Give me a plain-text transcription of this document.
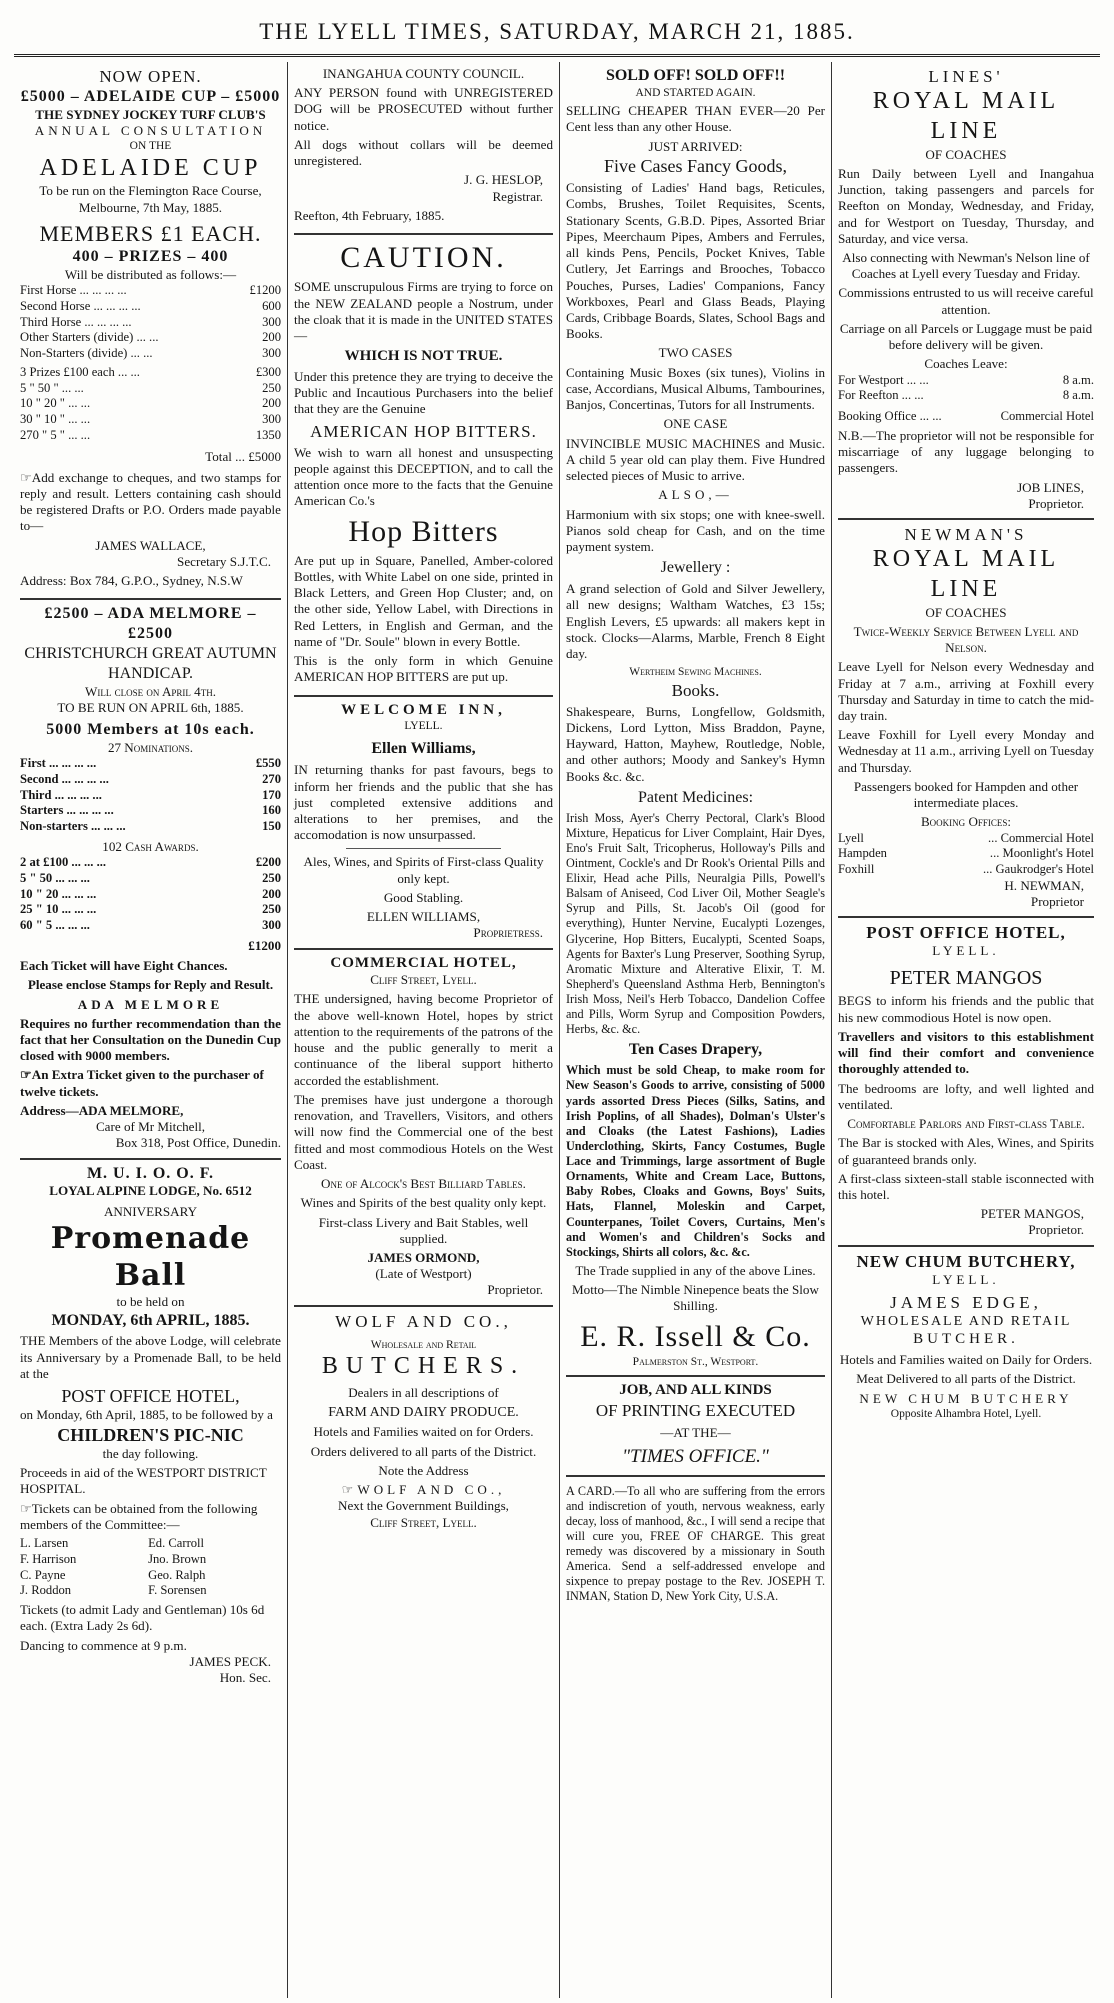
THE LYELL TIMES, SATURDAY, MARCH 21, 1885.
NOW OPEN.
£5000 – ADELAIDE CUP – £5000
THE SYDNEY JOCKEY TURF CLUB'S
ANNUAL CONSULTATION
ON THE
ADELAIDE CUP
To be run on the Flemington Race Course, Melbourne, 7th May, 1885.
MEMBERS £1 EACH.
400 – PRIZES – 400
Will be distributed as follows:—
First Horse ... ... ... ...	£1200
Second Horse ... ... ... ...	600
Third Horse ... ... ... ...	300
Other Starters (divide) ... ...	200
Non-Starters (divide) ... ...	300
3 Prizes £100 each ... ...	£300
5 " 50 " ... ...	250
10 " 20 " ... ...	200
30 " 10 " ... ...	300
270 " 5 " ... ...	1350
Total ... £5000

☞Add exchange to cheques, and two stamps for reply and result. Letters containing cash should be registered Drafts or P.O. Orders made payable to—

JAMES WALLACE,
Secretary S.J.T.C.

Address: Box 784, G.P.O., Sydney, N.S.W

£2500 – ADA MELMORE – £2500
CHRISTCHURCH GREAT AUTUMN HANDICAP.
Will close on April 4th.
TO BE RUN ON APRIL 6th, 1885.
5000 Members at 10s each.
27 Nominations.
First ... ... ... ...	£550
Second ... ... ... ...	270
Third ... ... ... ...	170
Starters ... ... ... ...	160
Non-starters ... ... ...	150
102 Cash Awards.
2 at £100 ... ... ...	£200
5 " 50 ... ... ...	250
10 " 20 ... ... ...	200
25 " 10 ... ... ...	250
60 " 5 ... ... ...	300
£1200

Each Ticket will have Eight Chances.

Please enclose Stamps for Reply and Result.

ADA MELMORE

Requires no further recommendation than the fact that her Consultation on the Dunedin Cup closed with 9000 members.

☞An Extra Ticket given to the purchaser of twelve tickets.

Address—ADA MELMORE,
Care of Mr Mitchell,
Box 318, Post Office, Dunedin.
M. U. I. O. O. F.
LOYAL ALPINE LODGE, No. 6512
ANNIVERSARY
Promenade Ball
to be held on
MONDAY, 6th APRIL, 1885.

THE Members of the above Lodge, will celebrate its Anniversary by a Promenade Ball, to be held at the

POST OFFICE HOTEL,
on Monday, 6th April, 1885, to be followed by a
CHILDREN'S PIC-NIC
the day following.

Proceeds in aid of the WESTPORT DISTRICT HOSPITAL.

☞Tickets can be obtained from the following members of the Committee:—

L. Larsen	Ed. Carroll
F. Harrison	Jno. Brown
C. Payne	Geo. Ralph
J. Roddon	F. Sorensen

Tickets (to admit Lady and Gentleman) 10s 6d each. (Extra Lady 2s 6d).

Dancing to commence at 9 p.m.
JAMES PECK.
Hon. Sec.
INANGAHUA COUNTY COUNCIL.

ANY PERSON found with UNREGISTERED DOG will be PROSECUTED without further notice.

All dogs without collars will be deemed unregistered.

J. G. HESLOP,
Registrar.

Reefton, 4th February, 1885.

CAUTION.

SOME unscrupulous Firms are trying to force on the NEW ZEALAND people a Nostrum, under the cloak that it is made in the UNITED STATES—

WHICH IS NOT TRUE.

Under this pretence they are trying to deceive the Public and Incautious Purchasers into the belief that they are the Genuine

AMERICAN HOP BITTERS.

We wish to warn all honest and unsuspecting people against this DECEPTION, and to call the attention once more to the facts that the Genuine American Co.'s

Hop Bitters

Are put up in Square, Panelled, Amber-colored Bottles, with White Label on one side, printed in Black Letters, and Green Hop Cluster; and, on the other side, Yellow Label, with Directions in Red Letters, in English and German, and the name of "Dr. Soule" blown in every Bottle.

This is the only form in which Genuine AMERICAN HOP BITTERS are put up.

WELCOME INN,
LYELL.
Ellen Williams,

IN returning thanks for past favours, begs to inform her friends and the public that she has just completed extensive additions and alterations to her premises, and the accomodation is now unsurpassed.

Ales, Wines, and Spirits of First-class Quality only kept.

Good Stabling.

ELLEN WILLIAMS,
Proprietress.
COMMERCIAL HOTEL,
Cliff Street, Lyell.

THE undersigned, having become Proprietor of the above well-known Hotel, hopes by strict attention to the requirements of the patrons of the house and the public generally to merit a continuance of the liberal support hitherto accorded the establishment.

The premises have just undergone a thorough renovation, and Travellers, Visitors, and others will now find the Commercial one of the best fitted and most commodious Hotels on the West Coast.

One of Alcock's Best Billiard Tables.

Wines and Spirits of the best quality only kept.

First-class Livery and Bait Stables, well supplied.

JAMES ORMOND,
(Late of Westport)
Proprietor.
WOLF AND CO.,
Wholesale and Retail
BUTCHERS.

Dealers in all descriptions of

FARM AND DAIRY PRODUCE.

Hotels and Families waited on for Orders.

Orders delivered to all parts of the District.

Note the Address

☞WOLF AND CO.,
Next the Government Buildings,
Cliff Street, Lyell.
SOLD OFF! SOLD OFF!!
AND STARTED AGAIN.

SELLING CHEAPER THAN EVER—20 Per Cent less than any other House.

JUST ARRIVED:
Five Cases Fancy Goods,

Consisting of Ladies' Hand bags, Reticules, Combs, Brushes, Toilet Requisites, Scents, Stationary Scents, G.B.D. Pipes, Assorted Briar Pipes, Meerchaum Pipes, Ambers and Ferrules, all kinds Pens, Pencils, Pocket Knives, Table Cutlery, Jet Earrings and Brooches, Tobacco Pouches, Purses, Ladies' Companions, Fancy Workboxes, Pearl and Glass Beads, Playing Cards, Cribbage Boards, Slates, School Bags and Books.

TWO CASES

Containing Music Boxes (six tunes), Violins in case, Accordians, Musical Albums, Tambourines, Banjos, Concertinas, Tutors for all Instruments.

ONE CASE

INVINCIBLE MUSIC MACHINES and Music. A child 5 year old can play them. Five Hundred selected pieces of Music to arrive.

ALSO,—

Harmonium with six stops; one with knee-swell. Pianos sold cheap for Cash, and on the time payment system.

Jewellery :

A grand selection of Gold and Silver Jewellery, all new designs; Waltham Watches, £3 15s; English Levers, £5 upwards: all makers kept in stock. Clocks—Alarms, Marble, French 8 Eight day.

Wertheim Sewing Machines.
Books.

Shakespeare, Burns, Longfellow, Goldsmith, Dickens, Lord Lytton, Miss Braddon, Payne, Hayward, Hatton, Mayhew, Routledge, Noble, and other authors; Moody and Sankey's Hymn Books &c. &c.

Patent Medicines:

Irish Moss, Ayer's Cherry Pectoral, Clark's Blood Mixture, Hepaticus for Liver Complaint, Hair Dyes, Eno's Fruit Salt, Tricopherus, Holloway's Pills and Ointment, Cockle's and Dr Rook's Oriental Pills and Elixir, Head ache Pills, Neuralgia Pills, Powell's Balsam of Aniseed, Cod Liver Oil, Mother Seagle's Syrup and Pills, St. Jacob's Oil (good for everything), Hunter Nervine, Eucalypti Lozenges, Glycerine, Hop Bitters, Eucalypti, Scented Soaps, Agents for Baxter's Lung Preserver, Soothing Syrup, Aromatic Mixture and Alterative Elixir, T. M. Shepherd's Queensland Asthma Herb, Bennington's Irish Moss, Neil's Herb Tobacco, Dandelion Coffee and Pills, Worm Syrup and Composition Powders, Herbs, &c. &c.

Ten Cases Drapery,

Which must be sold Cheap, to make room for New Season's Goods to arrive, consisting of 5000 yards assorted Dress Pieces (Silks, Satins, and Irish Poplins, of all Shades), Dolman's Ulster's and Cloaks (the Latest Fashions), Ladies Underclothing, Skirts, Fancy Costumes, Bugle Lace and Trimmings, large assortment of Bugle Ornaments, White and Cream Lace, Buttons, Baby Robes, Cloaks and Gowns, Boys' Suits, Hats, Flannel, Moleskin and Carpet, Counterpanes, Toilet Covers, Curtains, Men's and Women's and Children's Socks and Stockings, Shirts all colors, &c. &c.

The Trade supplied in any of the above Lines.

Motto—The Nimble Ninepence beats the Slow Shilling.

E. R. Issell & Co.
Palmerston St., Westport.
JOB, AND ALL KINDS
OF PRINTING EXECUTED
—AT THE—
"TIMES OFFICE."

A CARD.—To all who are suffering from the errors and indiscretion of youth, nervous weakness, early decay, loss of manhood, &c., I will send a recipe that will cure you, FREE OF CHARGE. This great remedy was discovered by a missionary in South America. Send a self-addressed envelope and sixpence to prepay postage to the Rev. JOSEPH T. INMAN, Station D, New York City, U.S.A.

LINES'
ROYAL MAIL LINE
OF COACHES

Run Daily between Lyell and Inangahua Junction, taking passengers and parcels for Reefton on Monday, Wednesday, and Friday, and for Westport on Tuesday, Thursday, and Saturday, and vice versa.

Also connecting with Newman's Nelson line of Coaches at Lyell every Tuesday and Friday.

Commissions entrusted to us will receive careful attention.

Carriage on all Parcels or Luggage must be paid before delivery will be given.

Coaches Leave:
For Westport ... ...	8 a.m.
For Reefton ... ...	8 a.m.
Booking Office ... ...	Commercial Hotel

N.B.—The proprietor will not be responsible for miscarriage of any luggage belonging to passengers.

JOB LINES,
Proprietor.
NEWMAN'S
ROYAL MAIL LINE
OF COACHES

Twice-Weekly Service Between Lyell and Nelson.

Leave Lyell for Nelson every Wednesday and Friday at 7 a.m., arriving at Foxhill every Thursday and Saturday in time to catch the mid-day train.

Leave Foxhill for Lyell every Monday and Wednesday at 11 a.m., arriving Lyell on Tuesday and Thursday.

Passengers booked for Hampden and other intermediate places.

Booking Offices:
Lyell	... Commercial Hotel
Hampden	... Moonlight's Hotel
Foxhill	... Gaukrodger's Hotel
H. NEWMAN,
Proprietor
POST OFFICE HOTEL,
LYELL.
PETER MANGOS

BEGS to inform his friends and the public that his new commodious Hotel is now open.

Travellers and visitors to this establishment will find their comfort and convenience thoroughly attended to.

The bedrooms are lofty, and well lighted and ventilated.

Comfortable Parlors and First-class Table.

The Bar is stocked with Ales, Wines, and Spirits of guaranteed brands only.

A first-class sixteen-stall stable isconnected with this hotel.

PETER MANGOS,
Proprietor.
NEW CHUM BUTCHERY,
LYELL.
JAMES EDGE,
WHOLESALE AND RETAIL
BUTCHER.

Hotels and Families waited on Daily for Orders.

Meat Delivered to all parts of the District.

NEW CHUM BUTCHERY
Opposite Alhambra Hotel, Lyell.
